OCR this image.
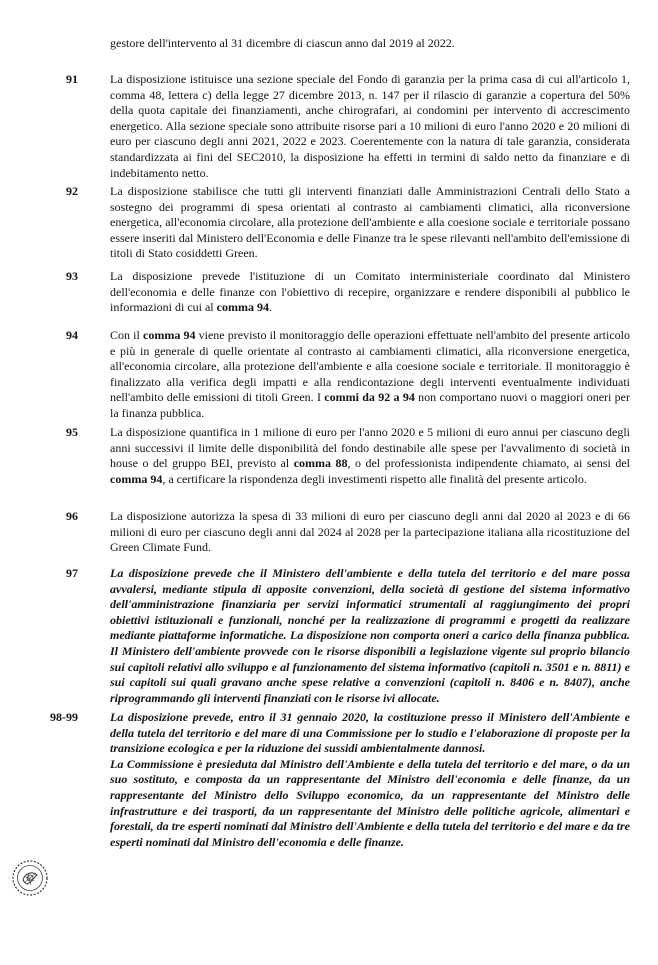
gestore dell'intervento al 31 dicembre di ciascun anno dal 2019 al 2022.
91	La disposizione istituisce una sezione speciale del Fondo di garanzia per la prima casa di cui all'articolo 1, comma 48, lettera c) della legge 27 dicembre 2013, n. 147 per il rilascio di garanzie a copertura del 50% della quota capitale dei finanziamenti, anche chirografari, ai condomini per intervento di accrescimento energetico. Alla sezione speciale sono attribuite risorse pari a 10 milioni di euro l'anno 2020 e 20 milioni di euro per ciascuno degli anni 2021, 2022 e 2023. Coerentemente con la natura di tale garanzia, considerata standardizzata ai fini del SEC2010, la disposizione ha effetti in termini di saldo netto da finanziare e di indebitamento netto.
92	La disposizione stabilisce che tutti gli interventi finanziati dalle Amministrazioni Centrali dello Stato a sostegno dei programmi di spesa orientati al contrasto ai cambiamenti climatici, alla riconversione energetica, all'economia circolare, alla protezione dell'ambiente e alla coesione sociale e territoriale possano essere inseriti dal Ministero dell'Economia e delle Finanze tra le spese rilevanti nell'ambito dell'emissione di titoli di Stato cosiddetti Green.
93	La disposizione prevede l'istituzione di un Comitato interministeriale coordinato dal Ministero dell'economia e delle finanze con l'obiettivo di recepire, organizzare e rendere disponibili al pubblico le informazioni di cui al comma 94.
94	Con il comma 94 viene previsto il monitoraggio delle operazioni effettuate nell'ambito del presente articolo e più in generale di quelle orientate al contrasto ai cambiamenti climatici, alla riconversione energetica, all'economia circolare, alla protezione dell'ambiente e alla coesione sociale e territoriale. Il monitoraggio è finalizzato alla verifica degli impatti e alla rendicontazione degli interventi eventualmente individuati nell'ambito delle emissioni di titoli Green. I commi da 92 a 94 non comportano nuovi o maggiori oneri per la finanza pubblica.
95	La disposizione quantifica in 1 milione di euro per l'anno 2020 e 5 milioni di euro annui per ciascuno degli anni successivi il limite delle disponibilità del fondo destinabile alle spese per l'avvalimento di società in house o del gruppo BEI, previsto al comma 88, o del professionista indipendente chiamato, ai sensi del comma 94, a certificare la rispondenza degli investimenti rispetto alle finalità del presente articolo.
96	La disposizione autorizza la spesa di 33 milioni di euro per ciascuno degli anni dal 2020 al 2023 e di 66 milioni di euro per ciascuno degli anni dal 2024 al 2028 per la partecipazione italiana alla ricostituzione del Green Climate Fund.
97	La disposizione prevede che il Ministero dell'ambiente e della tutela del territorio e del mare possa avvalersi, mediante stipula di apposite convenzioni, della società di gestione del sistema informativo dell'amministrazione finanziaria per servizi informatici strumentali al raggiungimento dei propri obiettivi istituzionali e funzionali, nonché per la realizzazione di programmi e progetti da realizzare mediante piattaforme informatiche. La disposizione non comporta oneri a carico della finanza pubblica. Il Ministero dell'ambiente provvede con le risorse disponibili a legislazione vigente sul proprio bilancio sui capitoli relativi allo sviluppo e al funzionamento del sistema informativo (capitoli n. 3501 e n. 8811) e sui capitoli sui quali gravano anche spese relative a convenzioni (capitoli n. 8406 e n. 8407), anche riprogrammando gli interventi finanziati con le risorse ivi allocate.
98-99	La disposizione prevede, entro il 31 gennaio 2020, la costituzione presso il Ministero dell'Ambiente e della tutela del territorio e del mare di una Commissione per lo studio e l'elaborazione di proposte per la transizione ecologica e per la riduzione dei sussidi ambientalmente dannosi.

La Commissione è presieduta dal Ministro dell'Ambiente e della tutela del territorio e del mare, o da un suo sostituto, e composta da un rappresentante del Ministro dell'economia e delle finanze, da un rappresentante del Ministro dello Sviluppo economico, da un rappresentante del Ministro delle infrastrutture e dei trasporti, da un rappresentante del Ministro delle politiche agricole, alimentari e forestali, da tre esperti nominati dal Ministro dell'Ambiente e della tutela del territorio e del mare e da tre esperti nominati dal Ministro dell'economia e delle finanze.
